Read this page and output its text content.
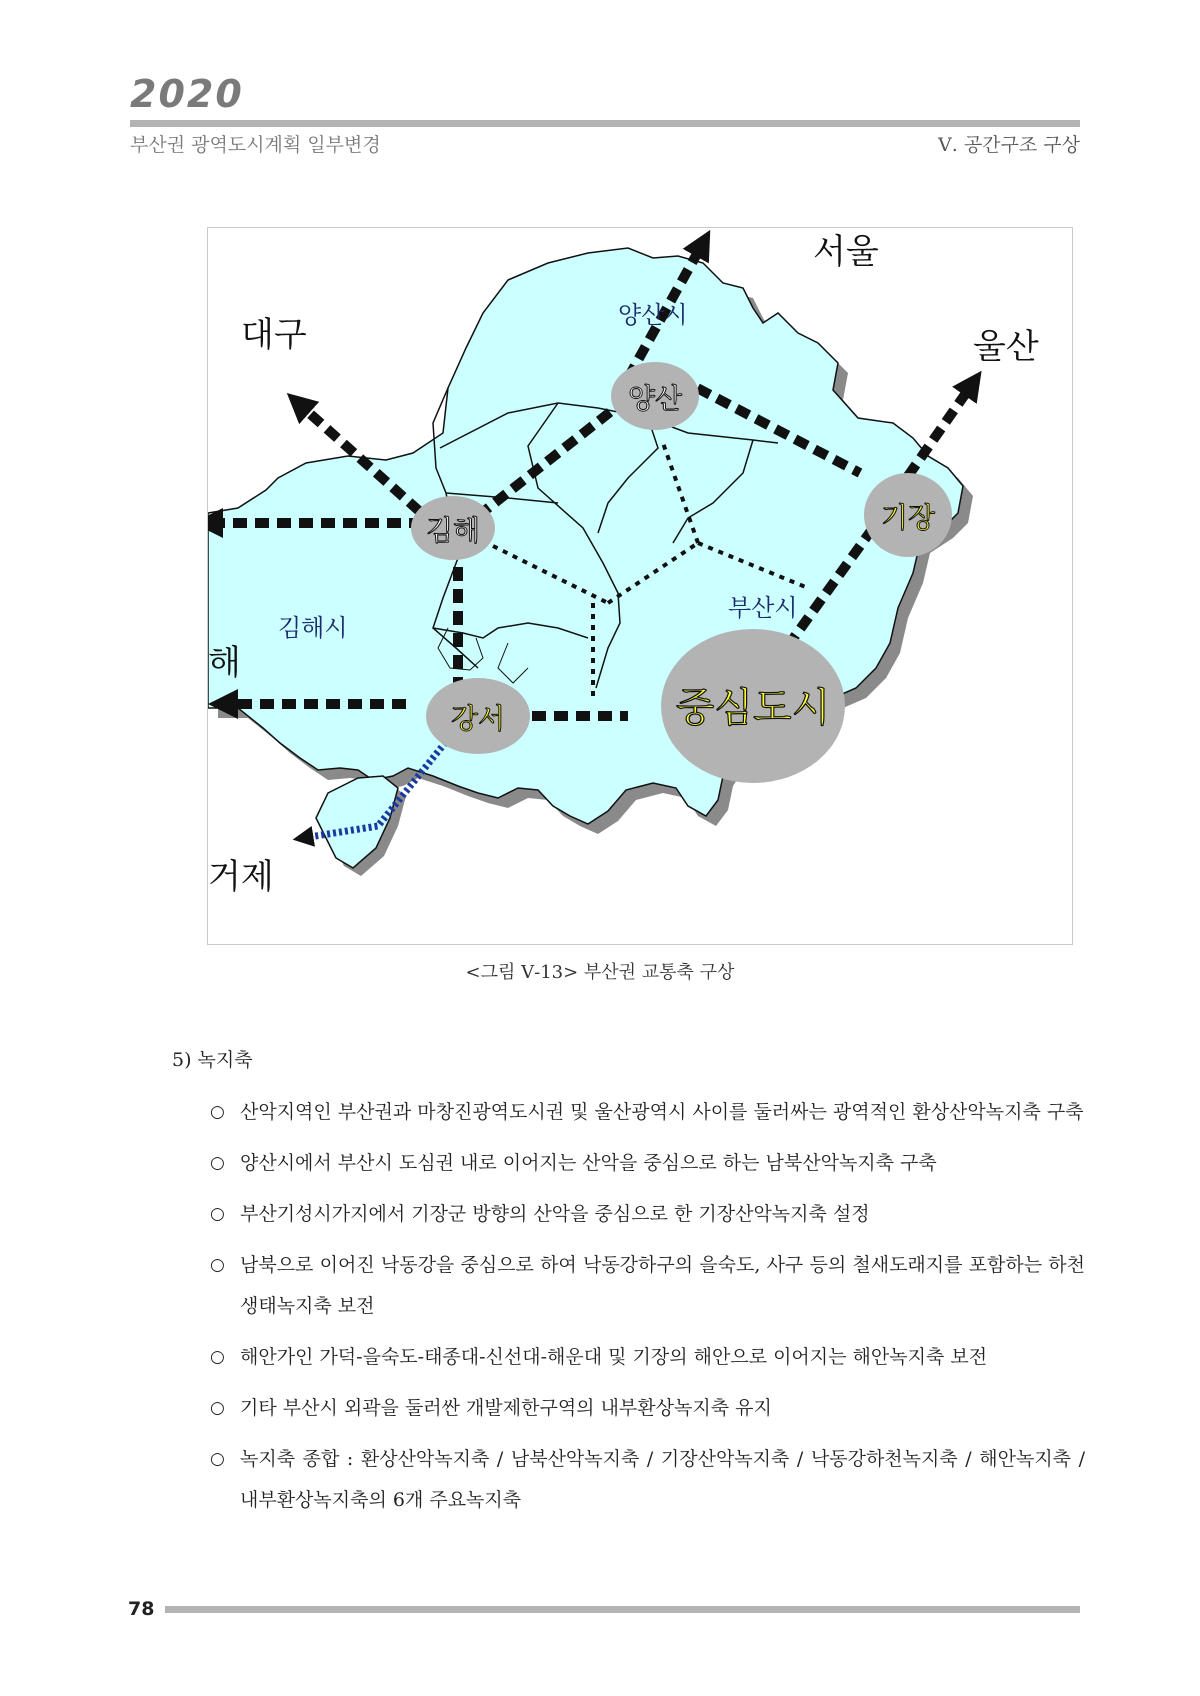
2020
부산권 광역도시계획 일부변경	Ⅴ. 공간구조 구상
양산
김해	기장
강서	중심도시
서울
대구	울산
해
거제
양산시
김해시
부산시
<그림 Ⅴ-13> 부산권 교통축 구상
5) 녹지축
○ 산악지역인 부산권과 마창진광역도시권 및 울산광역시 사이를 둘러싸는 광역적인 환상산악녹지축 구축
○ 양산시에서 부산시 도심권 내로 이어지는 산악을 중심으로 하는 남북산악녹지축 구축
○ 부산기성시가지에서 기장군 방향의 산악을 중심으로 한 기장산악녹지축 설정
○ 남북으로 이어진 낙동강을 중심으로 하여 낙동강하구의 을숙도, 사구 등의 철새도래지를 포함하는 하천생태녹지축 보전
○ 해안가인 가덕-을숙도-태종대-신선대-해운대 및 기장의 해안으로 이어지는 해안녹지축 보전
○ 기타 부산시 외곽을 둘러싼 개발제한구역의 내부환상녹지축 유지
○ 녹지축 종합 : 환상산악녹지축 / 남북산악녹지축 / 기장산악녹지축 / 낙동강하천녹지축 / 해안녹지축 / 내부환상녹지축의 6개 주요녹지축
78
